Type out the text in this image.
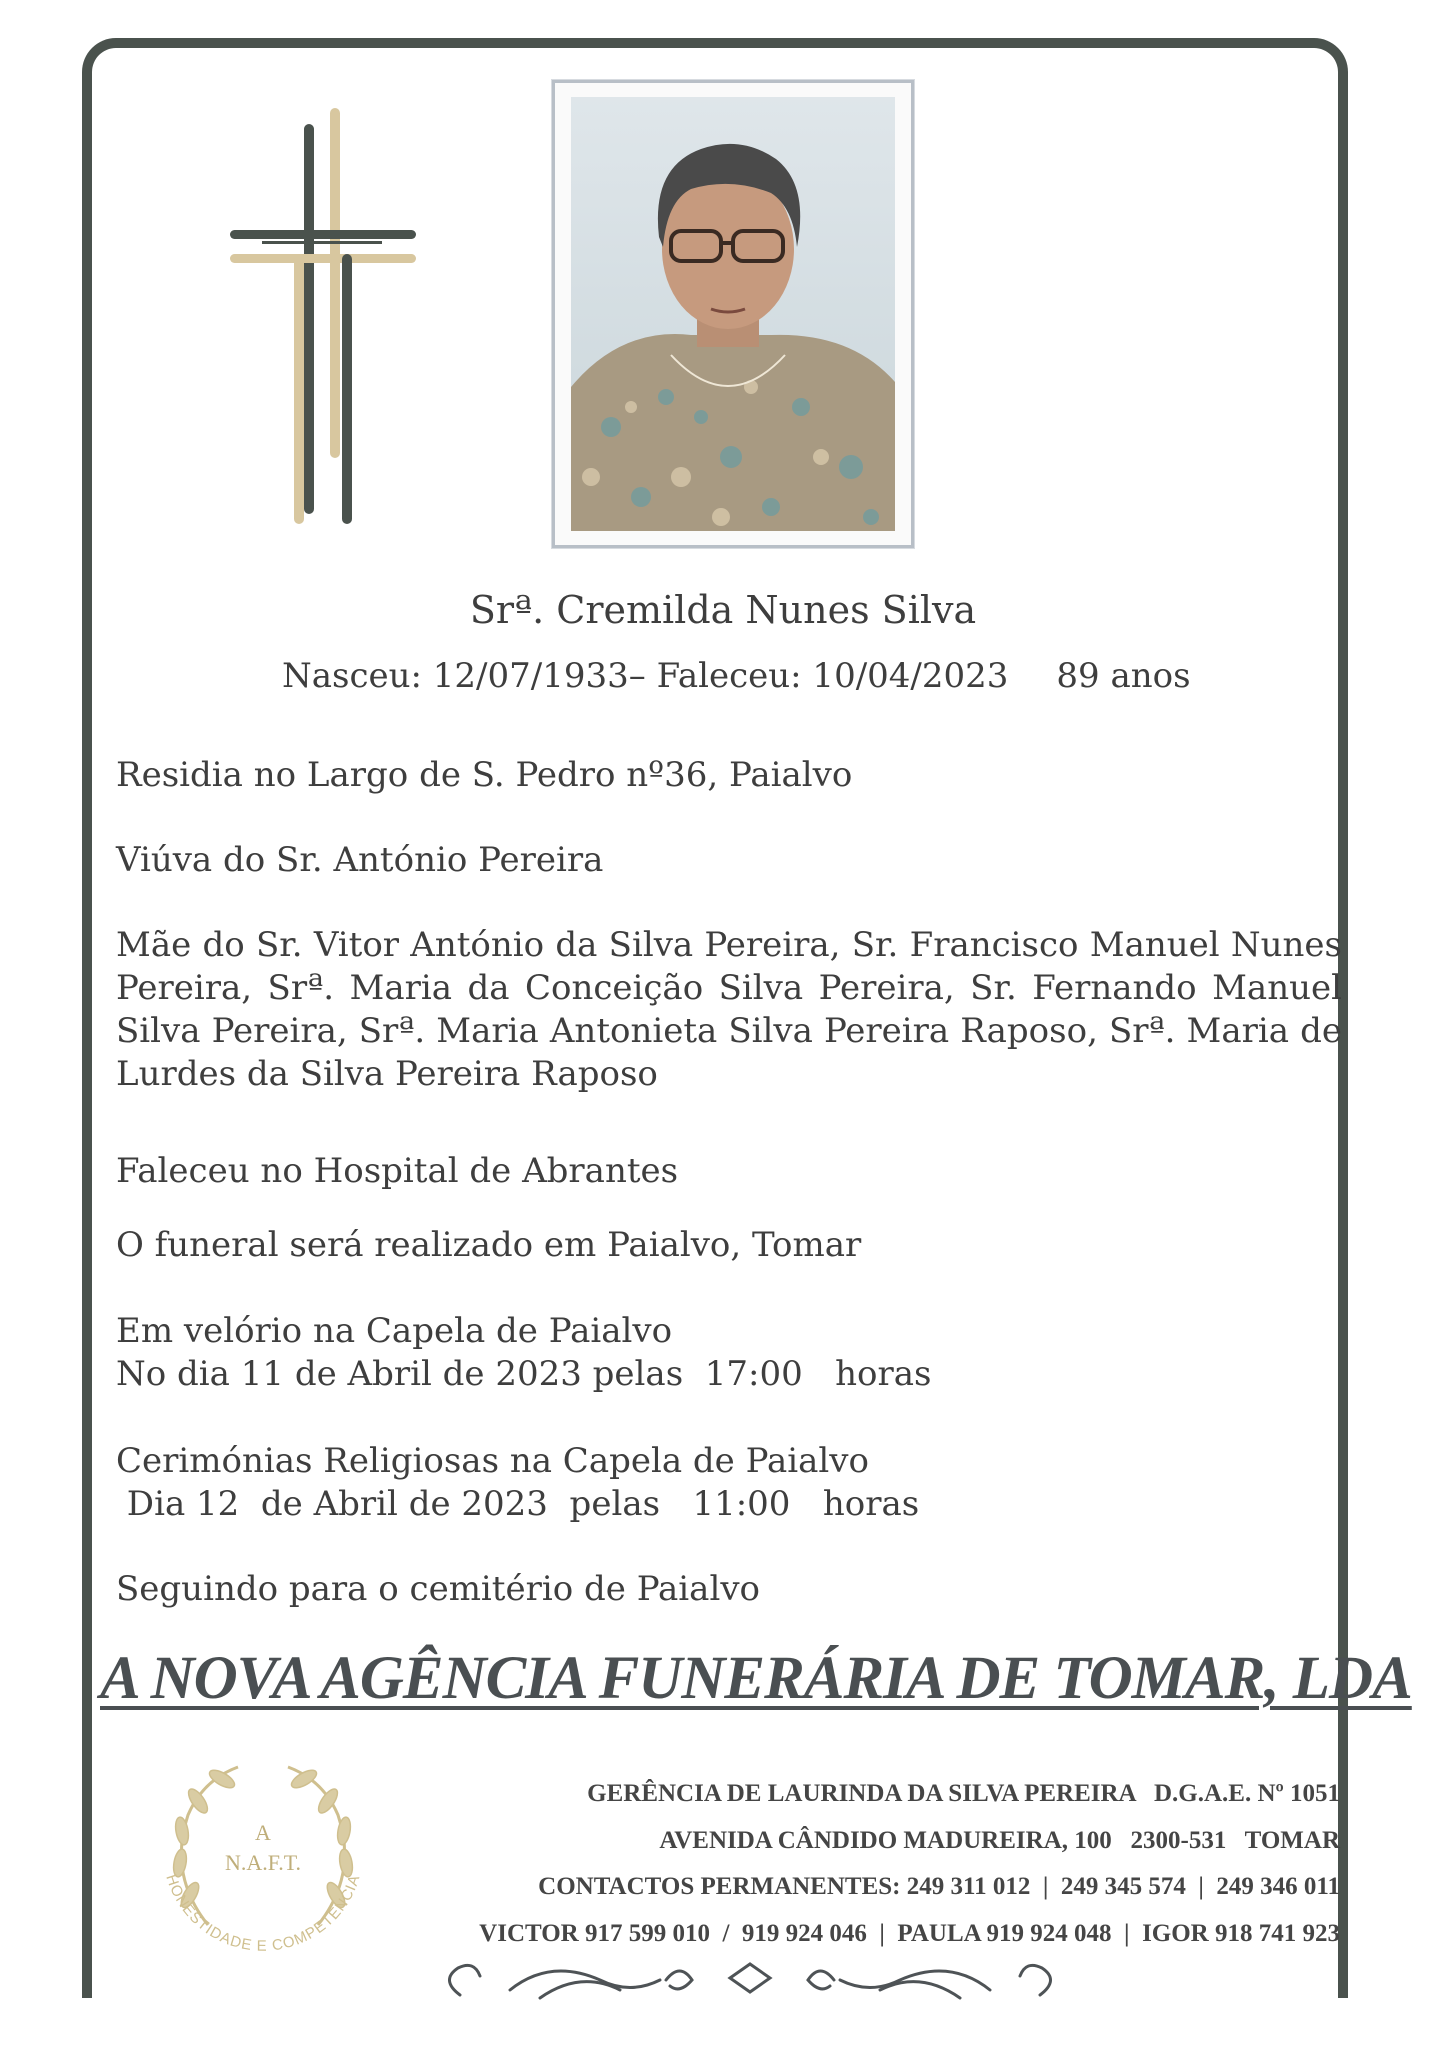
Srª. Cremilda Nunes Silva
Nasceu: 12/07/1933– Faleceu: 10/04/2023 89 anos
Residia no Largo de S. Pedro nº36, Paialvo
Viúva do Sr. António Pereira
Mãe do Sr. Vitor António da Silva Pereira, Sr. Francisco Manuel Nunes Pereira, Srª. Maria da Conceição Silva Pereira, Sr. Fernando Manuel Silva Pereira, Srª. Maria Antonieta Silva Pereira Raposo, Srª. Maria de Lurdes da Silva Pereira Raposo
Faleceu no Hospital de Abrantes
O funeral será realizado em Paialvo, Tomar
Em velório na Capela de Paialvo
No dia 11 de Abril de 2023 pelas  17:00   horas
Cerimónias Religiosas na Capela de Paialvo
Dia 12  de Abril de 2023  pelas   11:00   horas
Seguindo para o cemitério de Paialvo
A NOVA AGÊNCIA FUNERÁRIA DE TOMAR, LDA
A
N.A.F.T.
HONESTIDADE E COMPETÊNCIA
GERÊNCIA DE LAURINDA DA SILVA PEREIRA   D.G.A.E. Nº 1051
AVENIDA CÂNDIDO MADUREIRA, 100   2300-531   TOMAR
CONTACTOS PERMANENTES: 249 311 012  |  249 345 574  |  249 346 011
VICTOR 917 599 010  /  919 924 046  |  PAULA 919 924 048  |  IGOR 918 741 923
